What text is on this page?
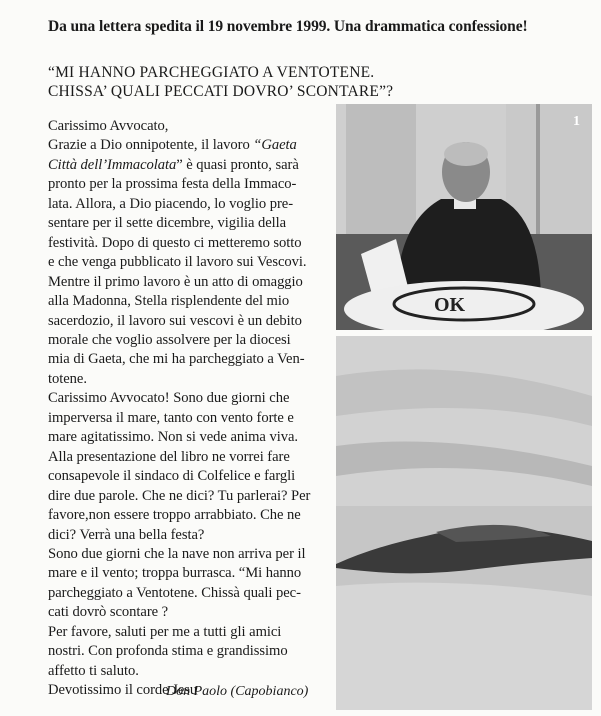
Da una lettera spedita il 19 novembre 1999. Una drammatica confessione!
“MI HANNO PARCHEGGIATO A VENTOTENE.
CHISSA’ QUALI PECCATI DOVRO’ SCONTARE”?
Carissimo Avvocato,
Grazie a Dio onnipotente, il lavoro “Gaeta
Città dell’Immacolata” è quasi pronto, sarà
pronto per la prossima festa della Immaco-
lata. Allora, a Dio piacendo, lo voglio pre-
sentare per il sette dicembre, vigilia della
festività. Dopo di questo ci metteremo sotto
e che venga pubblicato il lavoro sui Vescovi.
Mentre il primo lavoro è un atto di omaggio
alla Madonna, Stella risplendente del mio
sacerdozio, il lavoro sui vescovi è un debito
morale che voglio assolvere per la diocesi
mia di Gaeta, che mi ha parcheggiato a Ven-
totene.
Carissimo Avvocato! Sono due giorni che
imperversa il mare, tanto con vento forte e
mare agitatissimo. Non si vede anima viva.
Alla presentazione del libro ne vorrei fare
consapevole il sindaco di Colfelice e fargli
dire due parole. Che ne dici? Tu parlerai? Per
favore,non essere troppo arrabbiato. Che ne
dici? Verrà una bella festa?
Sono due giorni che la nave non arriva per il
mare e il vento; troppa burrasca. “Mi hanno
parcheggiato a Ventotene. Chissà quali pec-
cati dovrò scontare ?
Per favore, saluti per me a tutti gli amici
nostri. Con profonda stima e grandissimo
affetto ti saluto.
Devotissimo il corde Jesu
Don Paolo (Capobianco)
OK
1
